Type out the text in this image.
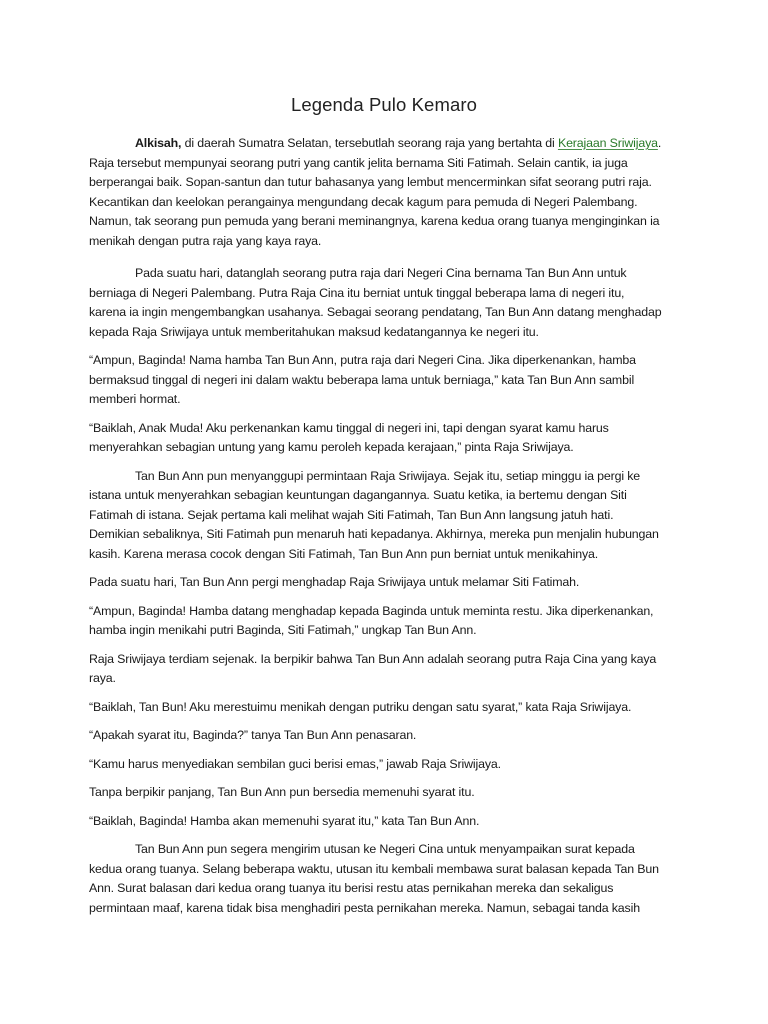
Legenda Pulo Kemaro

Alkisah, di daerah Sumatra Selatan, tersebutlah seorang raja yang bertahta di Kerajaan Sriwijaya. Raja tersebut mempunyai seorang putri yang cantik jelita bernama Siti Fatimah. Selain cantik, ia juga berperangai baik. Sopan-santun dan tutur bahasanya yang lembut mencerminkan sifat seorang putri raja. Kecantikan dan keelokan perangainya mengundang decak kagum para pemuda di Negeri Palembang. Namun, tak seorang pun pemuda yang berani meminangnya, karena kedua orang tuanya menginginkan ia menikah dengan putra raja yang kaya raya.

Pada suatu hari, datanglah seorang putra raja dari Negeri Cina bernama Tan Bun Ann untuk berniaga di Negeri Palembang. Putra Raja Cina itu berniat untuk tinggal beberapa lama di negeri itu, karena ia ingin mengembangkan usahanya. Sebagai seorang pendatang, Tan Bun Ann datang menghadap kepada Raja Sriwijaya untuk memberitahukan maksud kedatangannya ke negeri itu.

“Ampun, Baginda! Nama hamba Tan Bun Ann, putra raja dari Negeri Cina. Jika diperkenankan, hamba bermaksud tinggal di negeri ini dalam waktu beberapa lama untuk berniaga,” kata Tan Bun Ann sambil memberi hormat.

“Baiklah, Anak Muda! Aku perkenankan kamu tinggal di negeri ini, tapi dengan syarat kamu harus menyerahkan sebagian untung yang kamu peroleh kepada kerajaan,” pinta Raja Sriwijaya.

Tan Bun Ann pun menyanggupi permintaan Raja Sriwijaya. Sejak itu, setiap minggu ia pergi ke istana untuk menyerahkan sebagian keuntungan dagangannya. Suatu ketika, ia bertemu dengan Siti Fatimah di istana. Sejak pertama kali melihat wajah Siti Fatimah, Tan Bun Ann langsung jatuh hati. Demikian sebaliknya, Siti Fatimah pun menaruh hati kepadanya. Akhirnya, mereka pun menjalin hubungan kasih. Karena merasa cocok dengan Siti Fatimah, Tan Bun Ann pun berniat untuk menikahinya.

Pada suatu hari, Tan Bun Ann pergi menghadap Raja Sriwijaya untuk melamar Siti Fatimah.

“Ampun, Baginda! Hamba datang menghadap kepada Baginda untuk meminta restu. Jika diperkenankan, hamba ingin menikahi putri Baginda, Siti Fatimah,” ungkap Tan Bun Ann.

Raja Sriwijaya terdiam sejenak. Ia berpikir bahwa Tan Bun Ann adalah seorang putra Raja Cina yang kaya raya.

“Baiklah, Tan Bun! Aku merestuimu menikah dengan putriku dengan satu syarat,” kata Raja Sriwijaya.

“Apakah syarat itu, Baginda?” tanya Tan Bun Ann penasaran.

“Kamu harus menyediakan sembilan guci berisi emas,” jawab Raja Sriwijaya.

Tanpa berpikir panjang, Tan Bun Ann pun bersedia memenuhi syarat itu.

“Baiklah, Baginda! Hamba akan memenuhi syarat itu,” kata Tan Bun Ann.

Tan Bun Ann pun segera mengirim utusan ke Negeri Cina untuk menyampaikan surat kepada kedua orang tuanya. Selang beberapa waktu, utusan itu kembali membawa surat balasan kepada Tan Bun Ann. Surat balasan dari kedua orang tuanya itu berisi restu atas pernikahan mereka dan sekaligus permintaan maaf, karena tidak bisa menghadiri pesta pernikahan mereka. Namun, sebagai tanda kasih
